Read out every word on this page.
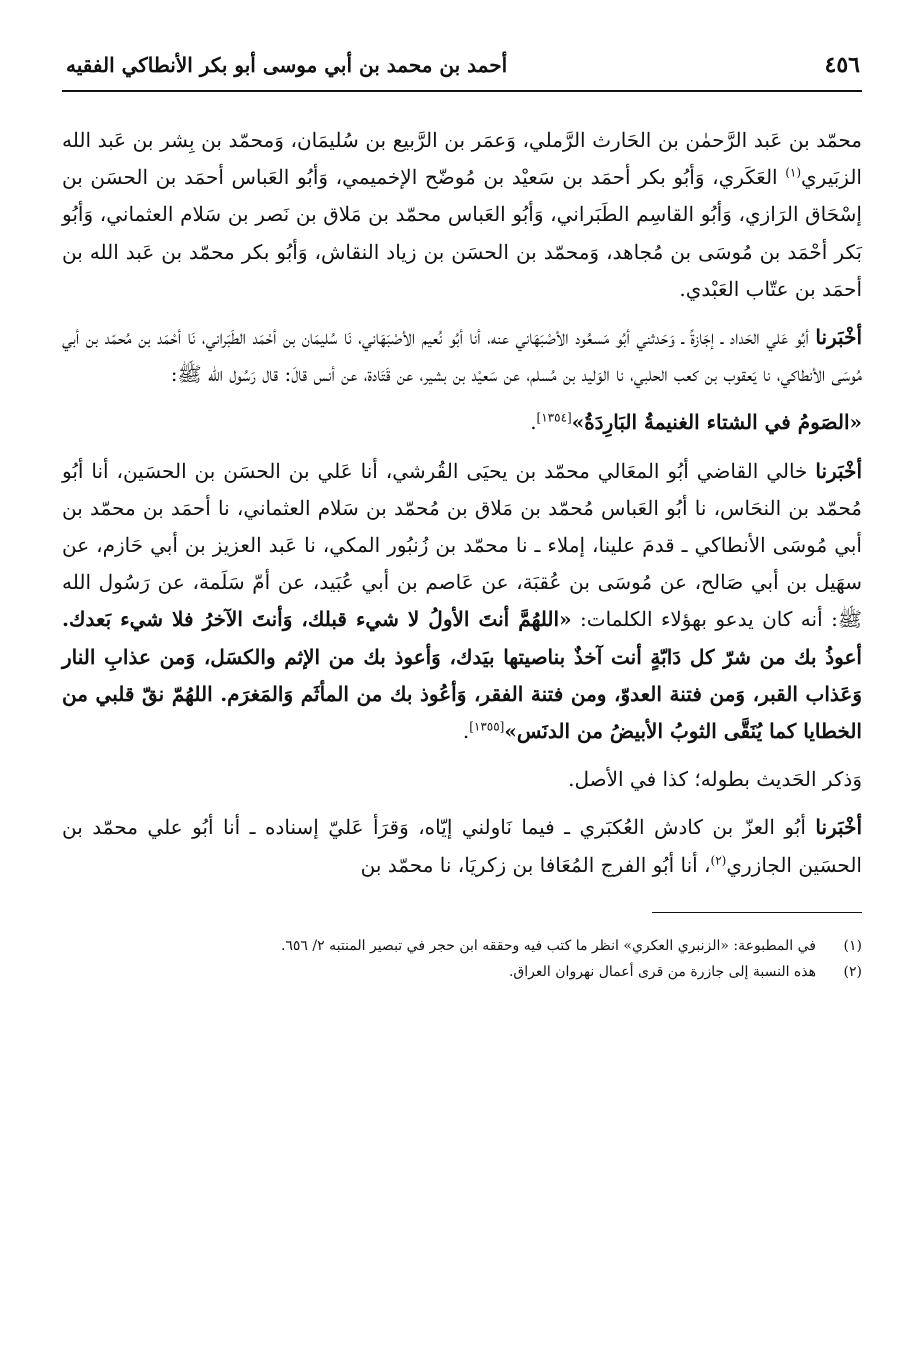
٤٥٦
أحمد بن محمد بن أبي موسى أبو بكر الأنطاكي الفقيه

محمّد بن عَبد الرَّحمٰن بن الحَارث الرَّملي، وَعمَر بن الرَّبيع بن سُليمَان، وَمحمّد بن بِشر بن عَبد الله الزبَيري$^{(١)}$ العَكَري، وَأبُو بكر أحمَد بن سَعيْد بن مُوضّح الإخميمي، وَأبُو العَباس أحمَد بن الحسَن بن إسْحَاق الرَازي، وَأبُو القاسِم الطَبَراني، وَأبُو العَباس محمّد بن مَلاق بن نَصر بن سَلام العثماني، وَأبُو بَكر أحْمَد بن مُوسَى بن مُجاهد، وَمحمّد بن الحسَن بن زياد النقاش، وَأبُو بكر محمّد بن عَبد الله بن أحمَد بن عتّاب العَبْدي.

أخْبَرنا أبُو عَلي الحَداد ـ إجَازةً ـ وَحَدثني أبُو مَسعُود الأصْبَهَاني عنه، أنا أبُو نُعيم الأصْبَهَاني، نَا سُليمَان بن أحْمَد الطَبَراني، نَا أحْمَد بن مُحمّد بن أبي مُوسَى الأنطاكي، نا يَعقوب بن كعب الحلبي، نا الوَليد بن مُسلم، عن سَعيْد بن بشير، عن قَتَادة، عن أنس قالَ: قال رَسُول الله ﷺ:

«الصَومُ في الشتاء الغنيمةُ البَارِدَةُ»[١٣٥٤].

أخْبَرنا خالي القاضي أبُو المعَالي محمّد بن يحيَى القُرشي، أنا عَلي بن الحسَن بن الحسَين، أنا أبُو مُحمّد بن النحَاس، نا أبُو العَباس مُحمّد بن مَلاق بن مُحمّد بن سَلام العثماني، نا أحمَد بن محمّد بن أبي مُوسَى الأنطاكي ـ قدمَ علينا، إملاء ـ نا محمّد بن زُنبُور المكي، نا عَبد العزيز بن أبي حَازم، عن سهَيل بن أبي صَالح، عن مُوسَى بن عُقبَة، عن عَاصم بن أبي عُبَيد، عن أمّ سَلَمة، عن رَسُول الله ﷺ: أنه كان يدعو بهؤلاء الكلمات: «اللهُمَّ أنتَ الأولُ لا شيء قبلك، وَأنتَ الآخرُ فلا شيء بَعدك. أعوذُ بك من شرّ كل دَابّةٍ أنت آخذٌ بناصيتها بيَدك، وَأعوذ بك من الإثم والكسَل، وَمن عذابِ النار وَعَذاب القبر، وَمن فتنة العدوّ، ومن فتنة الفقر، وَأعُوذ بك من المأثَم وَالمَغرَم. اللهُمّ نقّ قلبي من الخطايا كما يُنَقَّى الثوبُ الأبيضُ من الدنَس»[١٣٥٥].

وَذكر الحَديث بطوله؛ كذا في الأصل.

أخْبَرنا أبُو العزّ بن كادش العُكبَري ـ فيما نَاولني إيّاه، وَقرَأ عَليّ إسناده ـ أنا أبُو علي محمّد بن الحسَين الجازري$^{(٢)}$، أنا أبُو الفرج المُعَافا بن زكريَا، نا محمّد بن

(١)
في المطبوعة: «الزنبري العكري» انظر ما كتب فيه وحققه ابن حجر في تبصير المنتبه ٢/ ٦٥٦.
(٢)
هذه النسبة إلى جازرة من قرى أعمال نهروان العراق.
